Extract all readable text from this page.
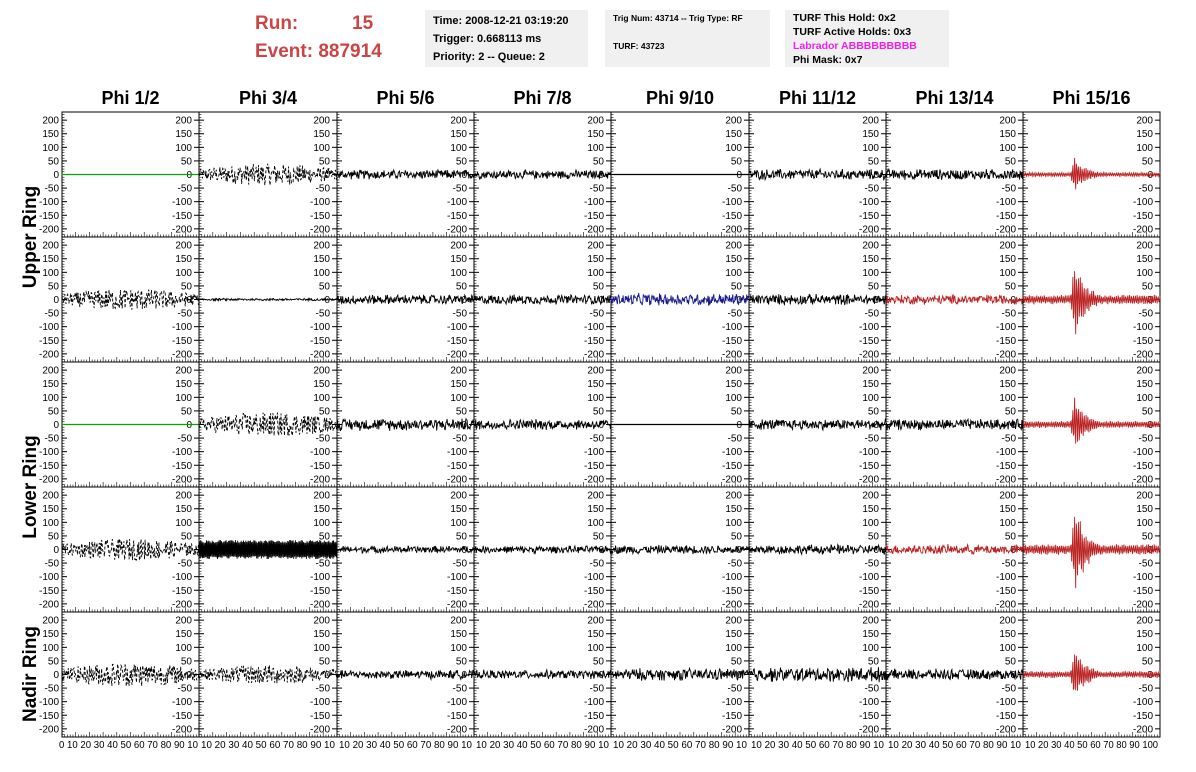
Run:	15
Event: 887914
Time: 2008-12-21 03:19:20
Trigger: 0.668113 ms
Priority: 2 -- Queue: 2
Trig Num: 43714 -- Trig Type: RF
TURF: 43723
TURF This Hold: 0x2
TURF Active Holds: 0x3
Labrador ABBBBBBBBB
Phi Mask: 0x7
Phi 1/2	Phi 3/4	Phi 5/6	Phi 7/8	Phi 9/10	Phi 11/12	Phi 13/14	Phi 15/16
Upper Ring
Lower Ring
Nadir Ring
200
200
150
150
100
100
50
50
0
0
-50
-50
-100
-100
-150
-150
-200
-200
200
150
100
50
0
-50
-100
-150
-200
200
150
100
50
0
-50
-100
-150
-200
200
150
100
50
0
-50
-100
-150
-200
200
150
100
50
0
-50
-100
-150
-200
200
150
100
50
0
-50
-100
-150
-200
200
150
100
50
0
-50
-100
-150
-200
200
150
100
50
0
-50
-100
-150
-200
200
200
150
150
100
100
50
50
0
0
-50
-50
-100
-100
-150
-150
-200
-200
200
150
100
50
0
-50
-100
-150
-200
200
150
100
50
0
-50
-100
-150
-200
200
150
100
50
0
-50
-100
-150
-200
200
150
100
50
0
-50
-100
-150
-200
200
150
100
50
0
-50
-100
-150
-200
200
150
100
50
0
-50
-100
-150
-200
200
150
100
50
0
-50
-100
-150
-200
200
200
150
150
100
100
50
50
0
0
-50
-50
-100
-100
-150
-150
-200
-200
200
150
100
50
0
-50
-100
-150
-200
200
150
100
50
0
-50
-100
-150
-200
200
150
100
50
0
-50
-100
-150
-200
200
150
100
50
0
-50
-100
-150
-200
200
150
100
50
0
-50
-100
-150
-200
200
150
100
50
0
-50
-100
-150
-200
200
150
100
50
0
-50
-100
-150
-200
200
200
150
150
100
100
50
50
0
0
-50
-50
-100
-100
-150
-150
-200
-200
200
150
100
50
0
-50
-100
-150
-200
200
150
100
50
0
-50
-100
-150
-200
200
150
100
50
0
-50
-100
-150
-200
200
150
100
50
0
-50
-100
-150
-200
200
150
100
50
0
-50
-100
-150
-200
200
150
100
50
0
-50
-100
-150
-200
200
150
100
50
0
-50
-100
-150
-200
200
200
150
150
100
100
50
50
0
0
-50
-50
-100
-100
-150
-150
-200
-200
200
150
100
50
0
-50
-100
-150
-200
200
150
100
50
0
-50
-100
-150
-200
200
150
100
50
0
-50
-100
-150
-200
200
150
100
50
0
-50
-100
-150
-200
200
150
100
50
0
-50
-100
-150
-200
200
150
100
50
0
-50
-100
-150
-200
200
150
100
50
0
-50
-100
-150
-200
0 10 20 30 40 50 60 70 80 90 10 10 20 30 40 50 60 70 80 90 10 10 20 30 40 50 60 70 80 90 10 10 20 30 40 50 60 70 80 90 10 10 20 30 40 50 60 70 80 90 10 10 20 30 40 50 60 70 80 90 10 10 20 30 40 50 60 70 80 90 10 10 20 30 40 50 60 70 80 90 100
